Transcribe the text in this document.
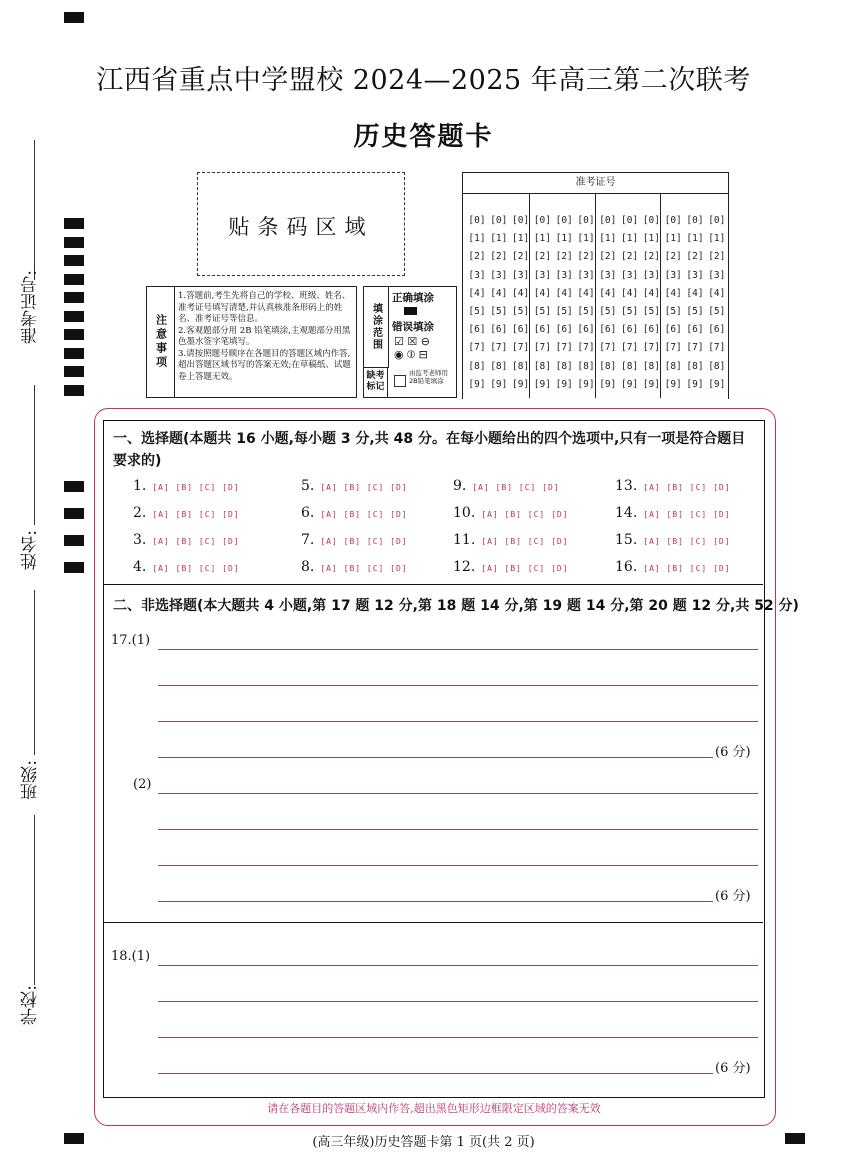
江西省重点中学盟校 2024—2025 年高三第二次联考
历史答题卡
准考证号:
姓名:
班级:
学校:
贴条码区域
注意事项
1.答题前,考生先将自己的学校、班级、姓名、准考证号填写清楚,并认真核准条形码上的姓名、准考证号等信息。
2.客观题部分用 2B 铅笔填涂,主观题部分用黑色墨水签字笔填写。
3.请按照题号顺序在各题目的答题区域内作答,超出答题区域书写的答案无效;在草稿纸、试题卷上答题无效。
填涂范围
缺考标记
正确填涂
错误填涂
☑ ☒ ⊖
◉ ⦶ ⊟
由监考老师用2B铅笔填涂
准考证号
[0]
[1]
[2]
[3]
[4]
[5]
[6]
[7]
[8]
[9]
[0]
[1]
[2]
[3]
[4]
[5]
[6]
[7]
[8]
[9]
[0]
[1]
[2]
[3]
[4]
[5]
[6]
[7]
[8]
[9]
[0]
[1]
[2]
[3]
[4]
[5]
[6]
[7]
[8]
[9]
[0]
[1]
[2]
[3]
[4]
[5]
[6]
[7]
[8]
[9]
[0]
[1]
[2]
[3]
[4]
[5]
[6]
[7]
[8]
[9]
[0]
[1]
[2]
[3]
[4]
[5]
[6]
[7]
[8]
[9]
[0]
[1]
[2]
[3]
[4]
[5]
[6]
[7]
[8]
[9]
[0]
[1]
[2]
[3]
[4]
[5]
[6]
[7]
[8]
[9]
[0]
[1]
[2]
[3]
[4]
[5]
[6]
[7]
[8]
[9]
[0]
[1]
[2]
[3]
[4]
[5]
[6]
[7]
[8]
[9]
[0]
[1]
[2]
[3]
[4]
[5]
[6]
[7]
[8]
[9]
一、选择题(本题共 16 小题,每小题 3 分,共 48 分。在每小题给出的四个选项中,只有一项是符合题目要求的)
1. [A] [B] [C] [D]
2. [A] [B] [C] [D]
3. [A] [B] [C] [D]
4. [A] [B] [C] [D]
5. [A] [B] [C] [D]
6. [A] [B] [C] [D]
7. [A] [B] [C] [D]
8. [A] [B] [C] [D]
9. [A] [B] [C] [D]
10. [A] [B] [C] [D]
11. [A] [B] [C] [D]
12. [A] [B] [C] [D]
13. [A] [B] [C] [D]
14. [A] [B] [C] [D]
15. [A] [B] [C] [D]
16. [A] [B] [C] [D]
二、非选择题(本大题共 4 小题,第 17 题 12 分,第 18 题 14 分,第 19 题 14 分,第 20 题 12 分,共 52 分)
17.(1)
(2)
(6 分)
(6 分)
18.(1)
(6 分)
请在各题目的答题区域内作答,超出黑色矩形边框限定区域的答案无效
(高三年级)历史答题卡第 1 页(共 2 页)
